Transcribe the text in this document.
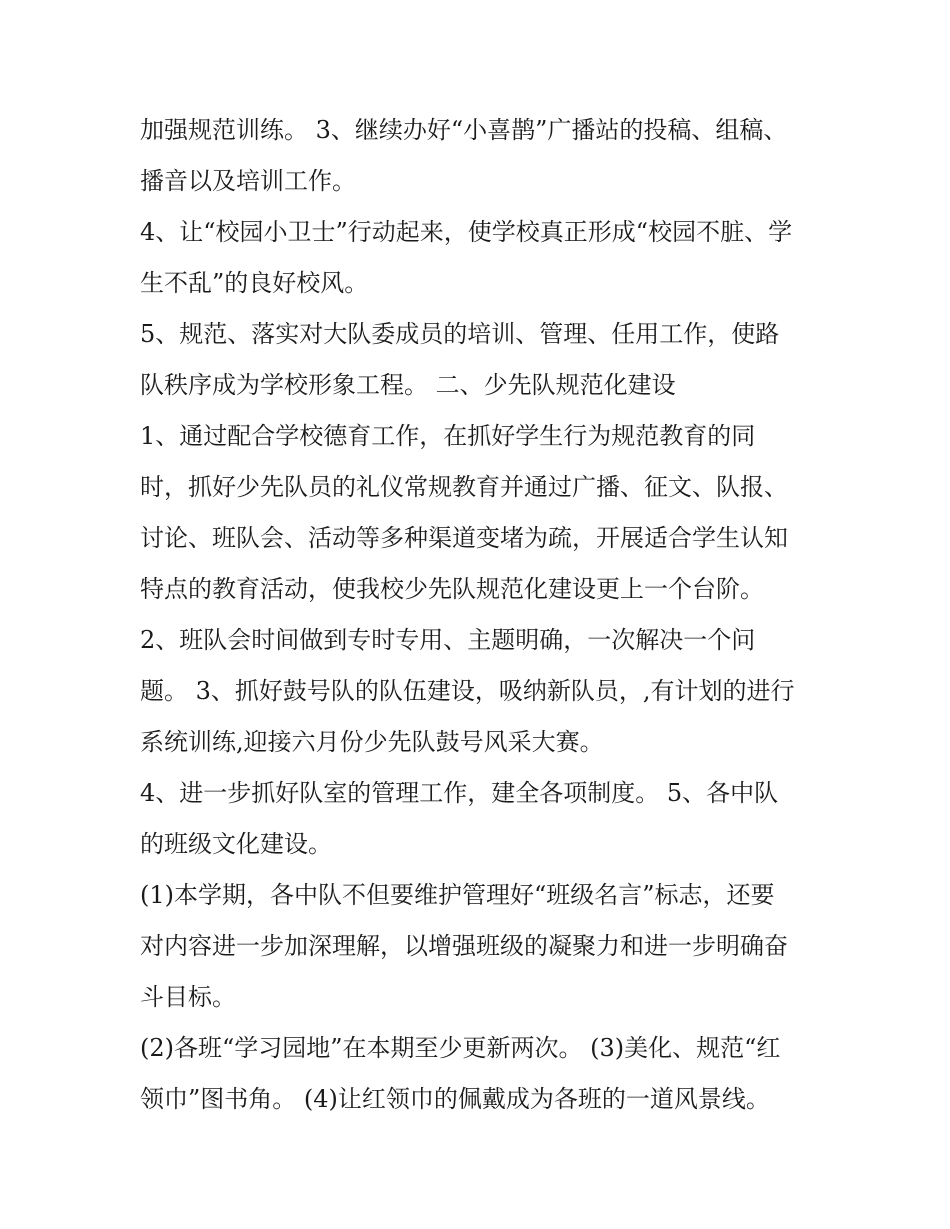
加强规范训练。 3、继续办好“小喜鹊”广播站的投稿、组稿、
播音以及培训工作。
4、让“校园小卫士”行动起来，使学校真正形成“校园不脏、学
生不乱”的良好校风。
5、规范、落实对大队委成员的培训、管理、任用工作，使路
队秩序成为学校形象工程。 二、少先队规范化建设
1、通过配合学校德育工作，在抓好学生行为规范教育的同
时，抓好少先队员的礼仪常规教育并通过广播、征文、队报、
讨论、班队会、活动等多种渠道变堵为疏，开展适合学生认知
特点的教育活动，使我校少先队规范化建设更上一个台阶。
2、班队会时间做到专时专用、主题明确，一次解决一个问
题。 3、抓好鼓号队的队伍建设，吸纳新队员，,有计划的进行
系统训练,迎接六月份少先队鼓号风采大赛。
4、进一步抓好队室的管理工作，建全各项制度。 5、各中队
的班级文化建设。
(1)本学期，各中队不但要维护管理好“班级名言”标志，还要
对内容进一步加深理解，以增强班级的凝聚力和进一步明确奋
斗目标。
(2)各班“学习园地”在本期至少更新两次。 (3)美化、规范“红
领巾”图书角。 (4)让红领巾的佩戴成为各班的一道风景线。
